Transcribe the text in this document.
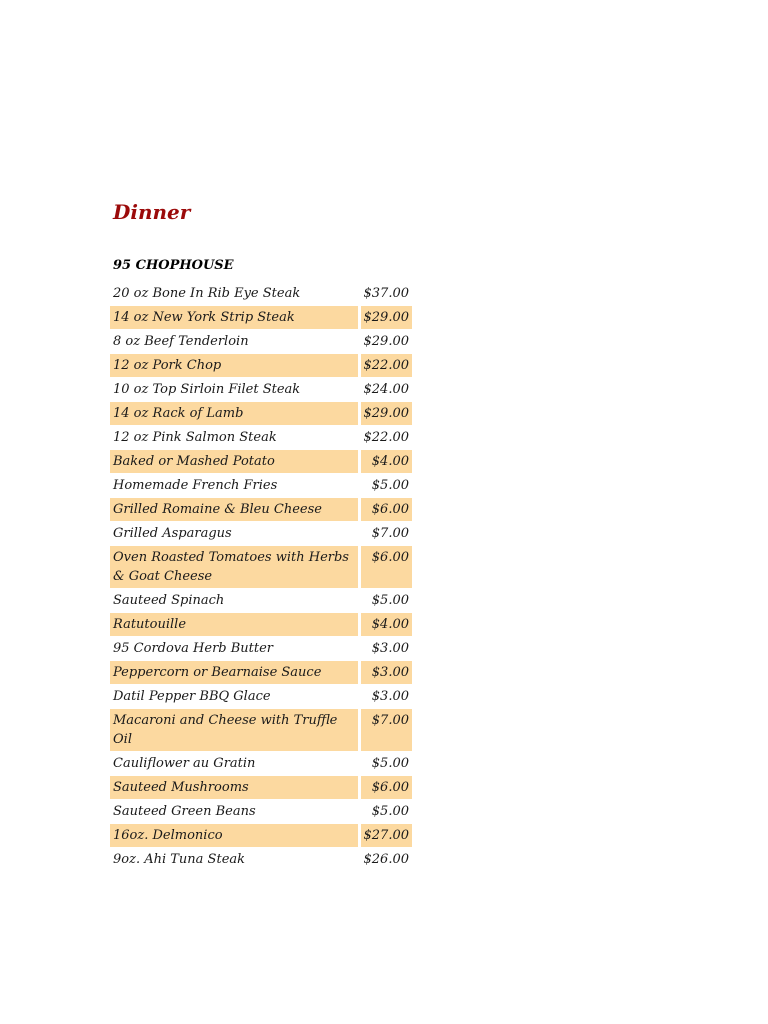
Dinner
95 CHOPHOUSE
20 oz Bone In Rib Eye Steak	$37.00
14 oz New York Strip Steak	$29.00
8 oz Beef Tenderloin	$29.00
12 oz Pork Chop	$22.00
10 oz Top Sirloin Filet Steak	$24.00
14 oz Rack of Lamb	$29.00
12 oz Pink Salmon Steak	$22.00
Baked or Mashed Potato	$4.00
Homemade French Fries	$5.00
Grilled Romaine & Bleu Cheese	$6.00
Grilled Asparagus	$7.00
Oven Roasted Tomatoes with Herbs & Goat Cheese	$6.00
Sauteed Spinach	$5.00
Ratutouille	$4.00
95 Cordova Herb Butter	$3.00
Peppercorn or Bearnaise Sauce	$3.00
Datil Pepper BBQ Glace	$3.00
Macaroni and Cheese with Truffle Oil	$7.00
Cauliflower au Gratin	$5.00
Sauteed Mushrooms	$6.00
Sauteed Green Beans	$5.00
16oz. Delmonico	$27.00
9oz. Ahi Tuna Steak	$26.00
